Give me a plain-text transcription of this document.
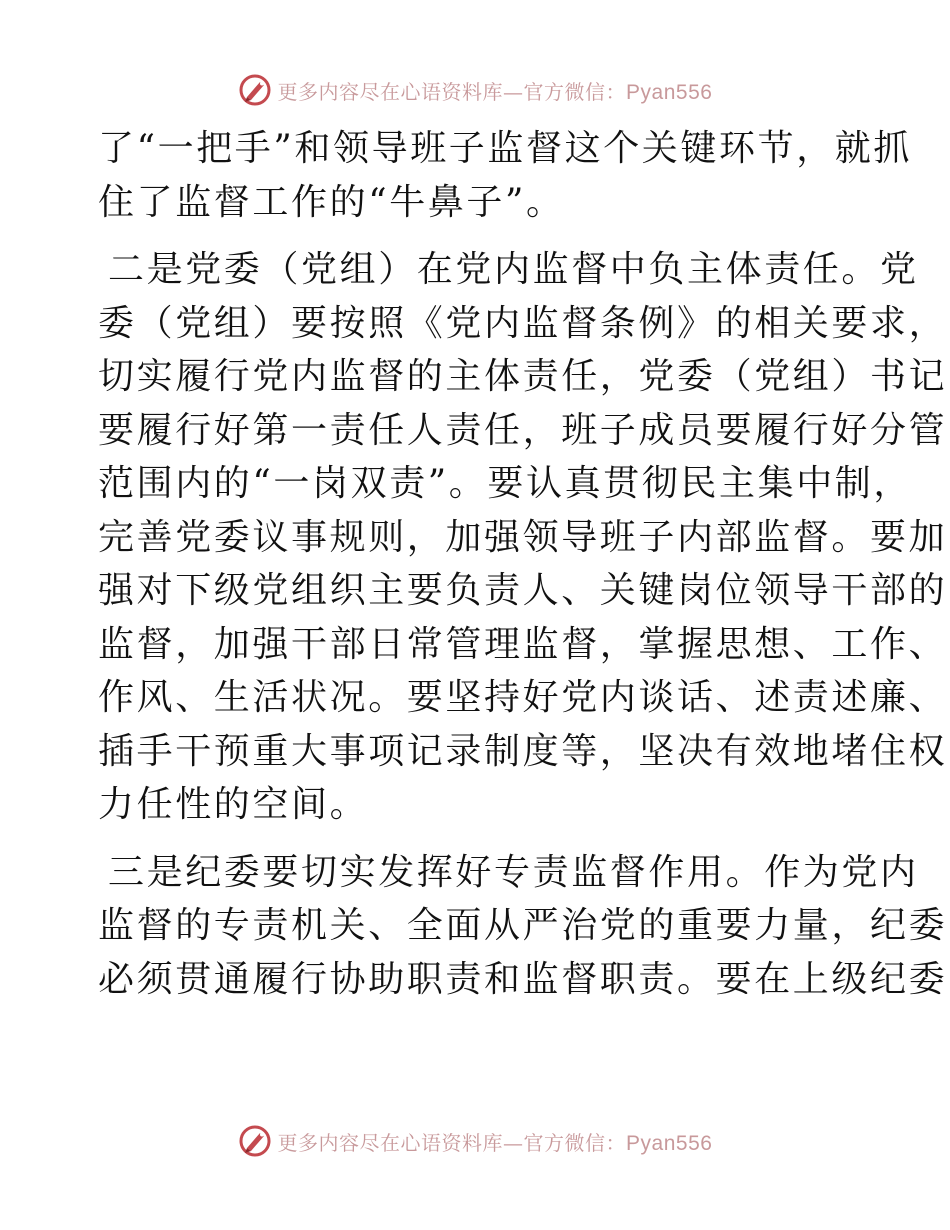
更多内容尽在心语资料库—官方微信：Pyan556

了“一把手”和领导班子监督这个关键环节，就抓
住了监督工作的“牛鼻子”。

二是党委（党组）在党内监督中负主体责任。党
委（党组）要按照《党内监督条例》的相关要求，
切实履行党内监督的主体责任，党委（党组）书记
要履行好第一责任人责任，班子成员要履行好分管
范围内的“一岗双责”。要认真贯彻民主集中制，
完善党委议事规则，加强领导班子内部监督。要加
强对下级党组织主要负责人、关键岗位领导干部的
监督，加强干部日常管理监督，掌握思想、工作、
作风、生活状况。要坚持好党内谈话、述责述廉、
插手干预重大事项记录制度等，坚决有效地堵住权
力任性的空间。

三是纪委要切实发挥好专责监督作用。作为党内
监督的专责机关、全面从严治党的重要力量，纪委
必须贯通履行协助职责和监督职责。要在上级纪委

更多内容尽在心语资料库—官方微信：Pyan556
